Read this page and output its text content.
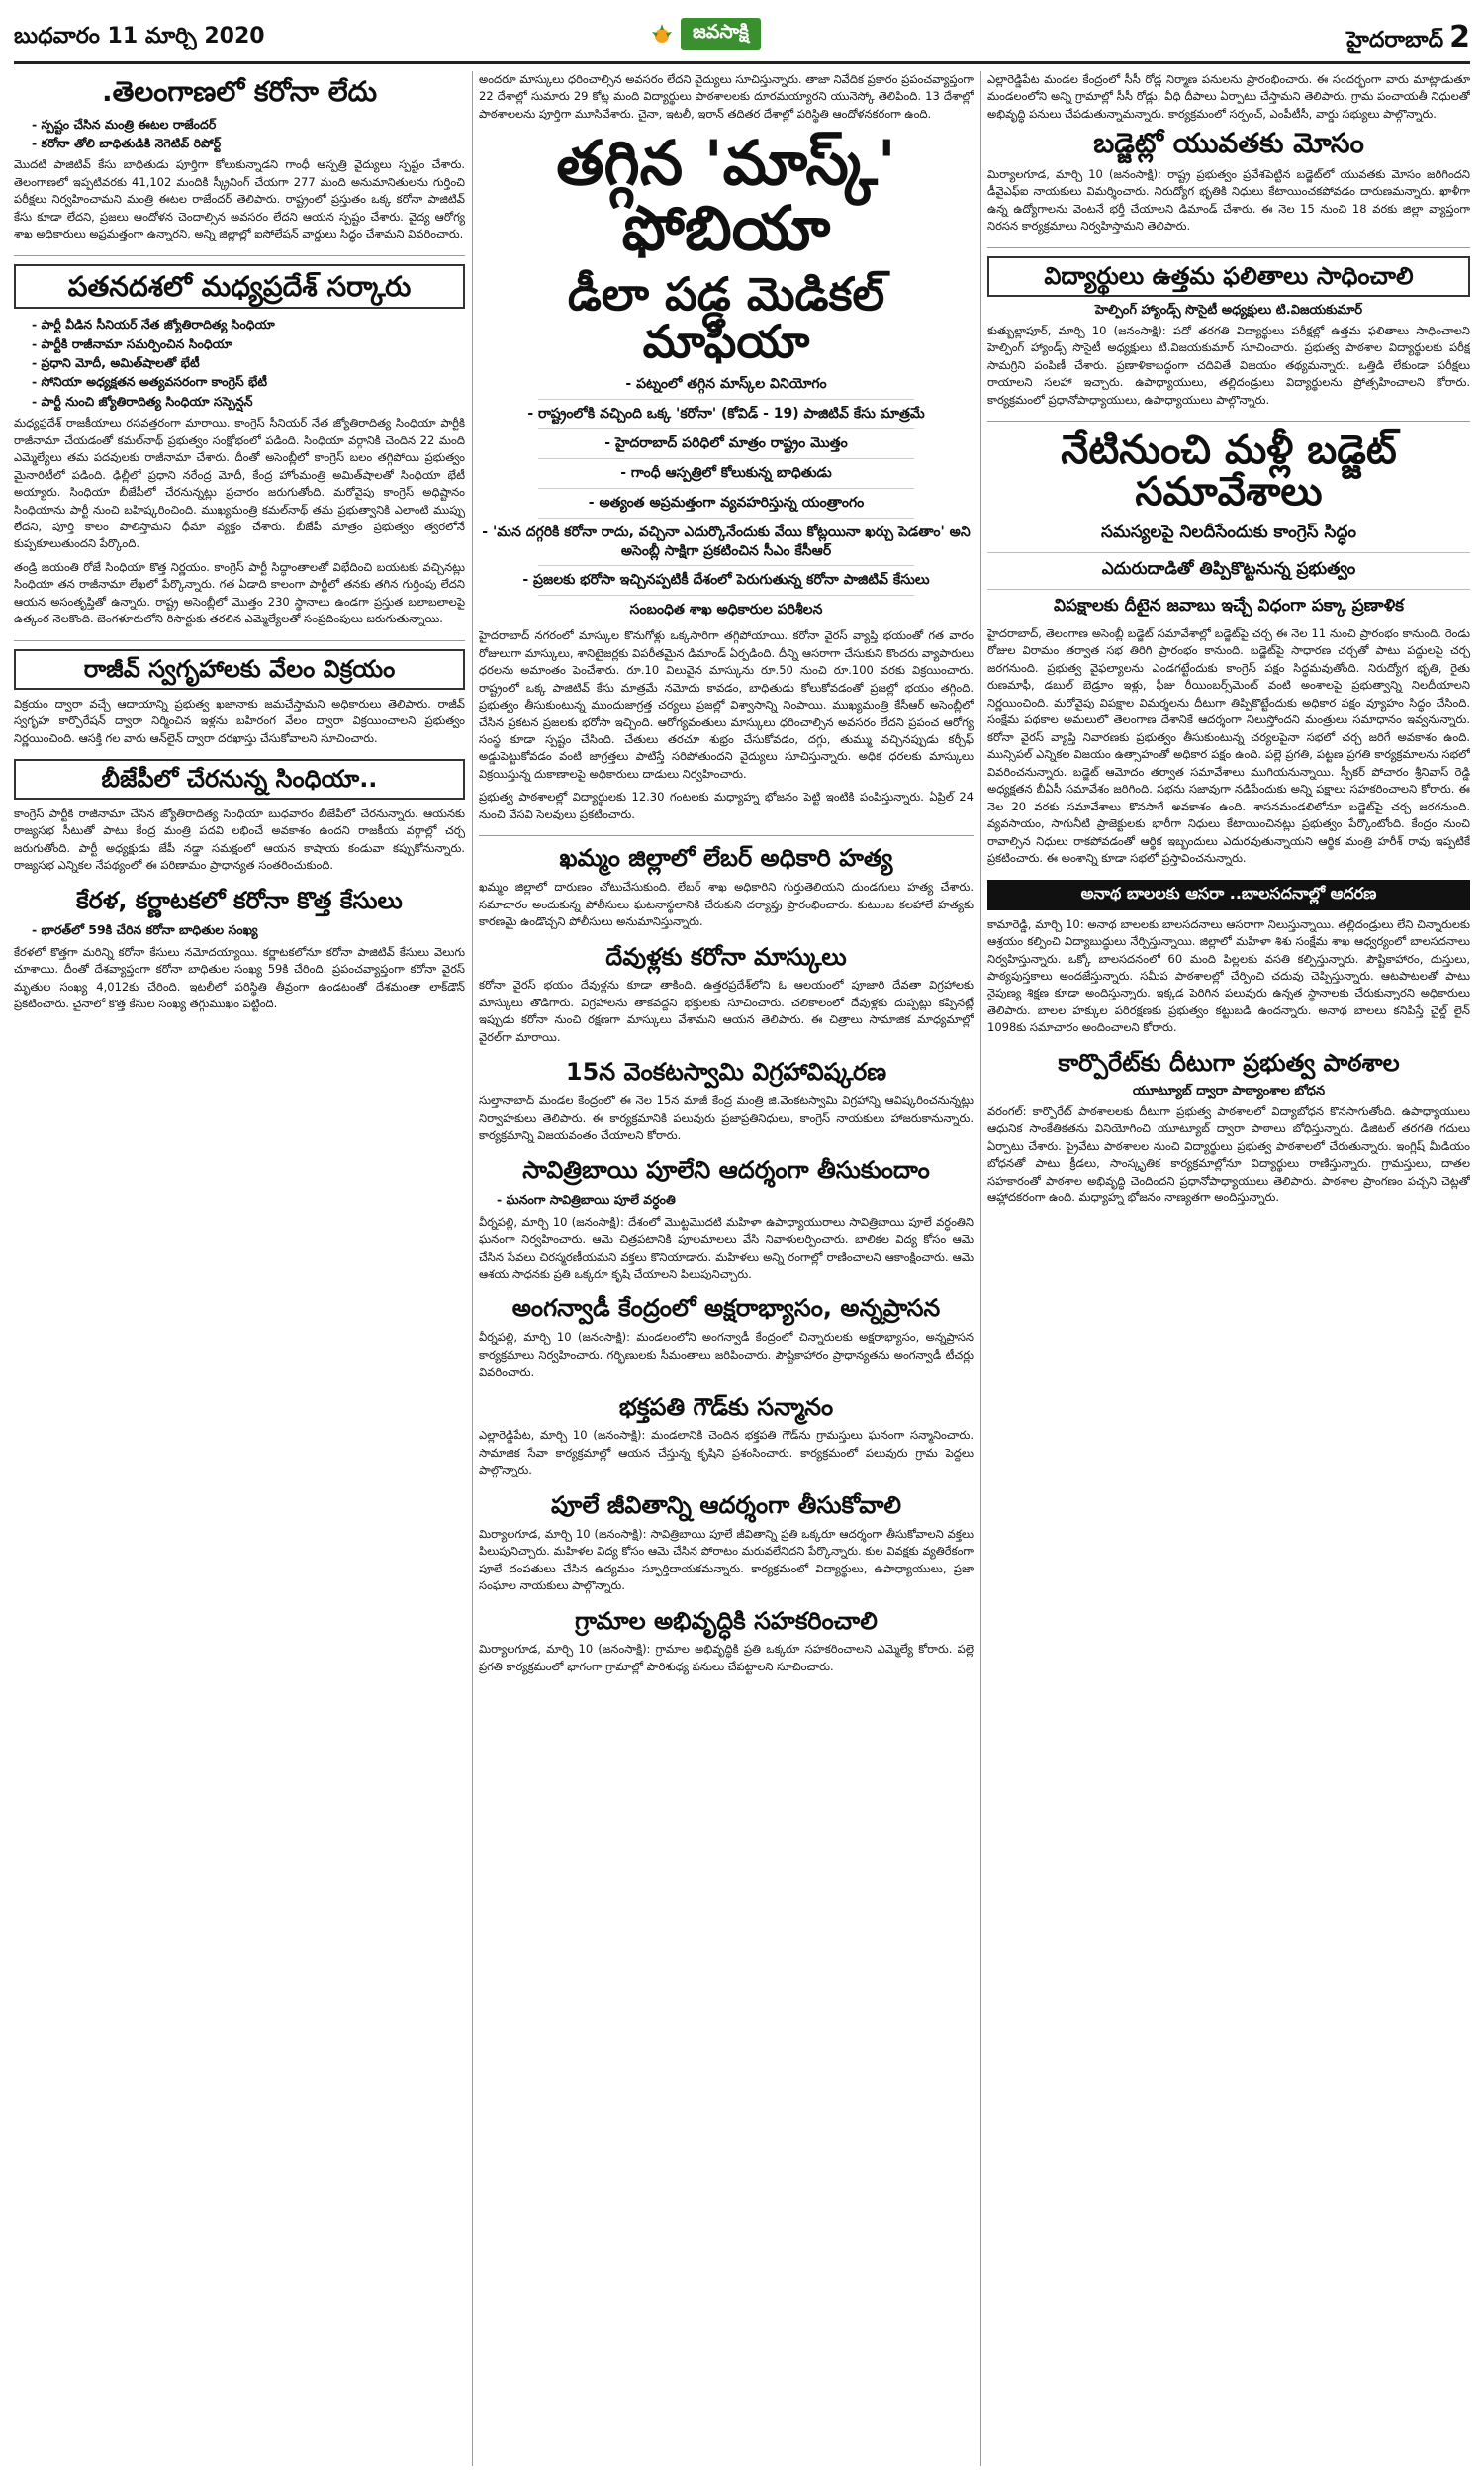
బుధవారం 11 మార్చి 2020	జవసాక్షి	హైదరాబాద్ 2
.తెలంగాణలో కరోనా లేదు
- స్పష్టం చేసిన మంత్రి ఈటల రాజేందర్
- కరోనా తోలి బాధితుడికి నెగెటివ్ రిపోర్ట్
మొదటి పాజిటివ్ కేసు బాధితుడు పూర్తిగా కోలుకున్నాడని గాంధీ ఆస్పత్రి వైద్యులు స్పష్టం చేశారు. తెలంగాణలో ఇప్పటివరకు 41,102 మందికి స్క్రీనింగ్ చేయగా 277 మంది అనుమానితులను గుర్తించి పరీక్షలు నిర్వహించామని మంత్రి ఈటల రాజేందర్ తెలిపారు. రాష్ట్రంలో ప్రస్తుతం ఒక్క కరోనా పాజిటివ్ కేసు కూడా లేదని, ప్రజలు ఆందోళన చెందాల్సిన అవసరం లేదని ఆయన స్పష్టం చేశారు. వైద్య ఆరోగ్య శాఖ అధికారులు అప్రమత్తంగా ఉన్నారని, అన్ని జిల్లాల్లో ఐసోలేషన్ వార్డులు సిద్ధం చేశామని వివరించారు.
పతనదశలో మధ్యప్రదేశ్ సర్కారు
- పార్టీ వీడిన సీనియర్ నేత జ్యోతిరాదిత్య సింధియా
- పార్టీకి రాజీనామా సమర్పించిన సింధియా
- ప్రధాని మోదీ, అమిత్‌షాలతో భేటీ
- సోనియా అధ్యక్షతన అత్యవసరంగా కాంగ్రెస్ భేటీ
- పార్టీ నుంచి జ్యోతిరాదిత్య సింధియా సస్పెన్షన్
మధ్యప్రదేశ్ రాజకీయాలు రసవత్తరంగా మారాయి. కాంగ్రెస్ సీనియర్ నేత జ్యోతిరాదిత్య సింధియా పార్టీకి రాజీనామా చేయడంతో కమల్‌నాథ్ ప్రభుత్వం సంక్షోభంలో పడింది. సింధియా వర్గానికి చెందిన 22 మంది ఎమ్మెల్యేలు తమ పదవులకు రాజీనామా చేశారు. దీంతో అసెంబ్లీలో కాంగ్రెస్ బలం తగ్గిపోయి ప్రభుత్వం మైనారిటీలో పడింది. ఢిల్లీలో ప్రధాని నరేంద్ర మోదీ, కేంద్ర హోంమంత్రి అమిత్‌షాలతో సింధియా భేటీ అయ్యారు. సింధియా బీజేపీలో చేరనున్నట్లు ప్రచారం జరుగుతోంది. మరోవైపు కాంగ్రెస్ అధిష్టానం సింధియాను పార్టీ నుంచి బహిష్కరించింది. ముఖ్యమంత్రి కమల్‌నాథ్ తమ ప్రభుత్వానికి ఎలాంటి ముప్పు లేదని, పూర్తి కాలం పాలిస్తామని ధీమా వ్యక్తం చేశారు. బీజేపీ మాత్రం ప్రభుత్వం త్వరలోనే కుప్పకూలుతుందని పేర్కొంది.
తండ్రి జయంతి రోజే సింధియా కొత్త నిర్ణయం. కాంగ్రెస్ పార్టీ సిద్ధాంతాలతో విభేదించి బయటకు వచ్చినట్లు సింధియా తన రాజీనామా లేఖలో పేర్కొన్నారు. గత ఏడాది కాలంగా పార్టీలో తనకు తగిన గుర్తింపు లేదని ఆయన అసంతృప్తితో ఉన్నారు. రాష్ట్ర అసెంబ్లీలో మొత్తం 230 స్థానాలు ఉండగా ప్రస్తుత బలాబలాలపై ఉత్కంఠ నెలకొంది. బెంగళూరులోని రిసార్టుకు తరలిన ఎమ్మెల్యేలతో సంప్రదింపులు జరుగుతున్నాయి.
రాజీవ్ స్వగృహాలకు వేలం విక్రయం
విక్రయం ద్వారా వచ్చే ఆదాయాన్ని ప్రభుత్వ ఖజానాకు జమచేస్తామని అధికారులు తెలిపారు. రాజీవ్ స్వగృహ కార్పొరేషన్ ద్వారా నిర్మించిన ఇళ్లను బహిరంగ వేలం ద్వారా విక్రయించాలని ప్రభుత్వం నిర్ణయించింది. ఆసక్తి గల వారు ఆన్‌లైన్ ద్వారా దరఖాస్తు చేసుకోవాలని సూచించారు.
బీజేపీలో చేరనున్న సింధియా..
కాంగ్రెస్ పార్టీకి రాజీనామా చేసిన జ్యోతిరాదిత్య సింధియా బుధవారం బీజేపీలో చేరనున్నారు. ఆయనకు రాజ్యసభ సీటుతో పాటు కేంద్ర మంత్రి పదవి లభించే అవకాశం ఉందని రాజకీయ వర్గాల్లో చర్చ జరుగుతోంది. పార్టీ అధ్యక్షుడు జేపీ నడ్డా సమక్షంలో ఆయన కాషాయ కండువా కప్పుకోనున్నారు. రాజ్యసభ ఎన్నికల నేపథ్యంలో ఈ పరిణామం ప్రాధాన్యత సంతరించుకుంది.
కేరళ, కర్ణాటకలో కరోనా కొత్త కేసులు
- భారత్‌లో 59కి చేరిన కరోనా బాధితుల సంఖ్య
కేరళలో కొత్తగా మరిన్ని కరోనా కేసులు నమోదయ్యాయి. కర్ణాటకలోనూ కరోనా పాజిటివ్ కేసులు వెలుగు చూశాయి. దీంతో దేశవ్యాప్తంగా కరోనా బాధితుల సంఖ్య 59కి చేరింది. ప్రపంచవ్యాప్తంగా కరోనా వైరస్ మృతుల సంఖ్య 4,012కు చేరింది. ఇటలీలో పరిస్థితి తీవ్రంగా ఉండటంతో దేశమంతా లాక్‌డౌన్ ప్రకటించారు. చైనాలో కొత్త కేసుల సంఖ్య తగ్గుముఖం పట్టింది.
అందరూ మాస్కులు ధరించాల్సిన అవసరం లేదని వైద్యులు సూచిస్తున్నారు. తాజా నివేదిక ప్రకారం ప్రపంచవ్యాప్తంగా 22 దేశాల్లో సుమారు 29 కోట్ల మంది విద్యార్థులు పాఠశాలలకు దూరమయ్యారని యునెస్కో తెలిపింది. 13 దేశాల్లో పాఠశాలలను పూర్తిగా మూసివేశారు. చైనా, ఇటలీ, ఇరాన్ తదితర దేశాల్లో పరిస్థితి ఆందోళనకరంగా ఉంది.
తగ్గిన 'మాస్క్' ఫోబియా
డీలా పడ్డ మెడికల్ మాఫియా
- పట్నంలో తగ్గిన మాస్క్‌ల వినియోగం
- రాష్ట్రంలోకి వచ్చింది ఒక్క 'కరోనా' (కోవిడ్ - 19) పాజిటివ్ కేసు మాత్రమే
- హైదరాబాద్ పరిధిలో మాత్రం రాష్ట్రం మొత్తం
- గాంధీ ఆస్పత్రిలో కోలుకున్న బాధితుడు
- అత్యంత అప్రమత్తంగా వ్యవహరిస్తున్న యంత్రాంగం
- 'మన దగ్గరికి కరోనా రాదు, వచ్చినా ఎదుర్కొనేందుకు వేయి కోట్లయినా ఖర్చు పెడతాం' అని అసెంబ్లీ సాక్షిగా ప్రకటించిన సీఎం కేసీఆర్
- ప్రజలకు భరోసా ఇచ్చినప్పటికీ దేశంలో పెరుగుతున్న కరోనా పాజిటివ్ కేసులు
సంబంధిత శాఖ అధికారుల పరిశీలన
హైదరాబాద్ నగరంలో మాస్కుల కొనుగోళ్లు ఒక్కసారిగా తగ్గిపోయాయి. కరోనా వైరస్ వ్యాప్తి భయంతో గత వారం రోజులుగా మాస్కులు, శానిటైజర్లకు విపరీతమైన డిమాండ్ ఏర్పడింది. దీన్ని ఆసరాగా చేసుకుని కొందరు వ్యాపారులు ధరలను అమాంతం పెంచేశారు. రూ.10 విలువైన మాస్కును రూ.50 నుంచి రూ.100 వరకు విక్రయించారు. రాష్ట్రంలో ఒక్క పాజిటివ్ కేసు మాత్రమే నమోదు కావడం, బాధితుడు కోలుకోవడంతో ప్రజల్లో భయం తగ్గింది. ప్రభుత్వం తీసుకుంటున్న ముందుజాగ్రత్త చర్యలు ప్రజల్లో విశ్వాసాన్ని నింపాయి. ముఖ్యమంత్రి కేసీఆర్ అసెంబ్లీలో చేసిన ప్రకటన ప్రజలకు భరోసా ఇచ్చింది. ఆరోగ్యవంతులు మాస్కులు ధరించాల్సిన అవసరం లేదని ప్రపంచ ఆరోగ్య సంస్థ కూడా స్పష్టం చేసింది. చేతులు తరచూ శుభ్రం చేసుకోవడం, దగ్గు, తుమ్ము వచ్చినప్పుడు కర్చీఫ్ అడ్డుపెట్టుకోవడం వంటి జాగ్రత్తలు పాటిస్తే సరిపోతుందని వైద్యులు సూచిస్తున్నారు. అధిక ధరలకు మాస్కులు విక్రయిస్తున్న దుకాణాలపై అధికారులు దాడులు నిర్వహించారు.
ప్రభుత్వ పాఠశాలల్లో విద్యార్థులకు 12.30 గంటలకు మధ్యాహ్న భోజనం పెట్టి ఇంటికి పంపిస్తున్నారు. ఏప్రిల్ 24 నుంచి వేసవి సెలవులు ప్రకటించారు.
ఖమ్మం జిల్లాలో లేబర్ అధికారి హత్య
ఖమ్మం జిల్లాలో దారుణం చోటుచేసుకుంది. లేబర్ శాఖ అధికారిని గుర్తుతెలియని దుండగులు హత్య చేశారు. సమాచారం అందుకున్న పోలీసులు ఘటనాస్థలానికి చేరుకుని దర్యాప్తు ప్రారంభించారు. కుటుంబ కలహాలే హత్యకు కారణమై ఉండొచ్చని పోలీసులు అనుమానిస్తున్నారు.
దేవుళ్లకు కరోనా మాస్కులు
కరోనా వైరస్ భయం దేవుళ్లను కూడా తాకింది. ఉత్తరప్రదేశ్‌లోని ఓ ఆలయంలో పూజారి దేవతా విగ్రహాలకు మాస్కులు తొడిగారు. విగ్రహాలను తాకవద్దని భక్తులకు సూచించారు. చలికాలంలో దేవుళ్లకు దుప్పట్లు కప్పినట్లే ఇప్పుడు కరోనా నుంచి రక్షణగా మాస్కులు వేశామని ఆయన తెలిపారు. ఈ చిత్రాలు సామాజిక మాధ్యమాల్లో వైరల్‌గా మారాయి.
15న వెంకటస్వామి విగ్రహావిష్కరణ
సుల్తానాబాద్ మండల కేంద్రంలో ఈ నెల 15న మాజీ కేంద్ర మంత్రి జి.వెంకటస్వామి విగ్రహాన్ని ఆవిష్కరించనున్నట్లు నిర్వాహకులు తెలిపారు. ఈ కార్యక్రమానికి పలువురు ప్రజాప్రతినిధులు, కాంగ్రెస్ నాయకులు హాజరుకానున్నారు. కార్యక్రమాన్ని విజయవంతం చేయాలని కోరారు.
సావిత్రిబాయి పూలేని ఆదర్శంగా తీసుకుందాం
- ఘనంగా సావిత్రిబాయి పూలే వర్ధంతి
వీర్నపల్లి, మార్చి 10 (జనంసాక్షి): దేశంలో మొట్టమొదటి మహిళా ఉపాధ్యాయురాలు సావిత్రిబాయి పూలే వర్ధంతిని ఘనంగా నిర్వహించారు. ఆమె చిత్రపటానికి పూలమాలలు వేసి నివాళులర్పించారు. బాలికల విద్య కోసం ఆమె చేసిన సేవలు చిరస్మరణీయమని వక్తలు కొనియాడారు. మహిళలు అన్ని రంగాల్లో రాణించాలని ఆకాంక్షించారు. ఆమె ఆశయ సాధనకు ప్రతి ఒక్కరూ కృషి చేయాలని పిలుపునిచ్చారు.
అంగన్వాడీ కేంద్రంలో అక్షరాభ్యాసం, అన్నప్రాసన
వీర్నపల్లి, మార్చి 10 (జనంసాక్షి): మండలంలోని అంగన్వాడీ కేంద్రంలో చిన్నారులకు అక్షరాభ్యాసం, అన్నప్రాసన కార్యక్రమాలు నిర్వహించారు. గర్భిణులకు సీమంతాలు జరిపించారు. పౌష్టికాహారం ప్రాధాన్యతను అంగన్వాడీ టీచర్లు వివరించారు.
భక్తపతి గౌడ్‌కు సన్మానం
ఎల్లారెడ్డిపేట, మార్చి 10 (జనంసాక్షి): మండలానికి చెందిన భక్తపతి గౌడ్‌ను గ్రామస్తులు ఘనంగా సన్మానించారు. సామాజిక సేవా కార్యక్రమాల్లో ఆయన చేస్తున్న కృషిని ప్రశంసించారు. కార్యక్రమంలో పలువురు గ్రామ పెద్దలు పాల్గొన్నారు.
పూలే జీవితాన్ని ఆదర్శంగా తీసుకోవాలి
మిర్యాలగూడ, మార్చి 10 (జనంసాక్షి): సావిత్రిబాయి పూలే జీవితాన్ని ప్రతి ఒక్కరూ ఆదర్శంగా తీసుకోవాలని వక్తలు పిలుపునిచ్చారు. మహిళల విద్య కోసం ఆమె చేసిన పోరాటం మరువలేనిదని పేర్కొన్నారు. కుల వివక్షకు వ్యతిరేకంగా పూలే దంపతులు చేసిన ఉద్యమం స్ఫూర్తిదాయకమన్నారు. కార్యక్రమంలో విద్యార్థులు, ఉపాధ్యాయులు, ప్రజా సంఘాల నాయకులు పాల్గొన్నారు.
గ్రామాల అభివృద్ధికి సహకరించాలి
మిర్యాలగూడ, మార్చి 10 (జనంసాక్షి): గ్రామాల అభివృద్ధికి ప్రతి ఒక్కరూ సహకరించాలని ఎమ్మెల్యే కోరారు. పల్లె ప్రగతి కార్యక్రమంలో భాగంగా గ్రామాల్లో పారిశుధ్య పనులు చేపట్టాలని సూచించారు.
ఎల్లారెడ్డిపేట మండల కేంద్రంలో సీసీ రోడ్ల నిర్మాణ పనులను ప్రారంభించారు. ఈ సందర్భంగా వారు మాట్లాడుతూ మండలంలోని అన్ని గ్రామాల్లో సీసీ రోడ్లు, వీధి దీపాలు ఏర్పాటు చేస్తామని తెలిపారు. గ్రామ పంచాయతీ నిధులతో అభివృద్ధి పనులు చేపడుతున్నామన్నారు. కార్యక్రమంలో సర్పంచ్, ఎంపీటీసీ, వార్డు సభ్యులు పాల్గొన్నారు.
బడ్జెట్లో యువతకు మోసం
మిర్యాలగూడ, మార్చి 10 (జనంసాక్షి): రాష్ట్ర ప్రభుత్వం ప్రవేశపెట్టిన బడ్జెట్‌లో యువతకు మోసం జరిగిందని డీవైఎఫ్ఐ నాయకులు విమర్శించారు. నిరుద్యోగ భృతికి నిధులు కేటాయించకపోవడం దారుణమన్నారు. ఖాళీగా ఉన్న ఉద్యోగాలను వెంటనే భర్తీ చేయాలని డిమాండ్ చేశారు. ఈ నెల 15 నుంచి 18 వరకు జిల్లా వ్యాప్తంగా నిరసన కార్యక్రమాలు నిర్వహిస్తామని తెలిపారు.
విద్యార్థులు ఉత్తమ ఫలితాలు సాధించాలి
హెల్పింగ్ హ్యాండ్స్ సొసైటీ అధ్యక్షులు టి.విజయకుమార్
కుత్బుల్లాపూర్, మార్చి 10 (జనంసాక్షి): పదో తరగతి విద్యార్థులు పరీక్షల్లో ఉత్తమ ఫలితాలు సాధించాలని హెల్పింగ్ హ్యాండ్స్ సొసైటీ అధ్యక్షులు టి.విజయకుమార్ సూచించారు. ప్రభుత్వ పాఠశాల విద్యార్థులకు పరీక్ష సామగ్రిని పంపిణీ చేశారు. ప్రణాళికాబద్ధంగా చదివితే విజయం తథ్యమన్నారు. ఒత్తిడి లేకుండా పరీక్షలు రాయాలని సలహా ఇచ్చారు. ఉపాధ్యాయులు, తల్లిదండ్రులు విద్యార్థులను ప్రోత్సహించాలని కోరారు. కార్యక్రమంలో ప్రధానోపాధ్యాయులు, ఉపాధ్యాయులు పాల్గొన్నారు.
నేటినుంచి మళ్లీ బడ్జెట్ సమావేశాలు
సమస్యలపై నిలదీసేందుకు కాంగ్రెస్ సిద్ధం
ఎదురుదాడితో తిప్పికొట్టనున్న ప్రభుత్వం
విపక్షాలకు దీటైన జవాబు ఇచ్చే విధంగా పక్కా ప్రణాళిక
హైదరాబాద్, తెలంగాణ అసెంబ్లీ బడ్జెట్ సమావేశాల్లో బడ్జెట్‌పై చర్చ ఈ నెల 11 నుంచి ప్రారంభం కానుంది. రెండు రోజుల విరామం తర్వాత సభ తిరిగి ప్రారంభం కానుంది. బడ్జెట్‌పై సాధారణ చర్చతో పాటు పద్దులపై చర్చ జరగనుంది. ప్రభుత్వ వైఫల్యాలను ఎండగట్టేందుకు కాంగ్రెస్ పక్షం సిద్ధమవుతోంది. నిరుద్యోగ భృతి, రైతు రుణమాఫీ, డబుల్ బెడ్రూం ఇళ్లు, ఫీజు రీయింబర్స్‌మెంట్ వంటి అంశాలపై ప్రభుత్వాన్ని నిలదీయాలని నిర్ణయించింది. మరోవైపు విపక్షాల విమర్శలను దీటుగా తిప్పికొట్టేందుకు అధికార పక్షం వ్యూహం సిద్ధం చేసింది. సంక్షేమ పథకాల అమలులో తెలంగాణ దేశానికే ఆదర్శంగా నిలుస్తోందని మంత్రులు సమాధానం ఇవ్వనున్నారు. కరోనా వైరస్ వ్యాప్తి నివారణకు ప్రభుత్వం తీసుకుంటున్న చర్యలపైనా సభలో చర్చ జరిగే అవకాశం ఉంది. మున్సిపల్ ఎన్నికల విజయం ఉత్సాహంతో అధికార పక్షం ఉంది. పల్లె ప్రగతి, పట్టణ ప్రగతి కార్యక్రమాలను సభలో వివరించనున్నారు. బడ్జెట్ ఆమోదం తర్వాత సమావేశాలు ముగియనున్నాయి. స్పీకర్ పోచారం శ్రీనివాస్ రెడ్డి అధ్యక్షతన బీఏసీ సమావేశం జరిగింది. సభను సజావుగా నడిపేందుకు అన్ని పక్షాలు సహకరించాలని కోరారు. ఈ నెల 20 వరకు సమావేశాలు కొనసాగే అవకాశం ఉంది. శాసనమండలిలోనూ బడ్జెట్‌పై చర్చ జరగనుంది. వ్యవసాయం, సాగునీటి ప్రాజెక్టులకు భారీగా నిధులు కేటాయించినట్లు ప్రభుత్వం పేర్కొంటోంది. కేంద్రం నుంచి రావాల్సిన నిధులు రాకపోవడంతో ఆర్థిక ఇబ్బందులు ఎదురవుతున్నాయని ఆర్థిక మంత్రి హరీశ్ రావు ఇప్పటికే ప్రకటించారు. ఈ అంశాన్ని కూడా సభలో ప్రస్తావించనున్నారు.
అనాథ బాలలకు ఆసరా ..బాలసదనాల్లో ఆదరణ
కామారెడ్డి, మార్చి 10: అనాథ బాలలకు బాలసదనాలు ఆసరాగా నిలుస్తున్నాయి. తల్లిదండ్రులు లేని చిన్నారులకు ఆశ్రయం కల్పించి విద్యాబుద్ధులు నేర్పిస్తున్నాయి. జిల్లాలో మహిళా శిశు సంక్షేమ శాఖ ఆధ్వర్యంలో బాలసదనాలు నిర్వహిస్తున్నారు. ఒక్కో బాలసదనంలో 60 మంది పిల్లలకు వసతి కల్పిస్తున్నారు. పౌష్టికాహారం, దుస్తులు, పాఠ్యపుస్తకాలు అందజేస్తున్నారు. సమీప పాఠశాలల్లో చేర్పించి చదువు చెప్పిస్తున్నారు. ఆటపాటలతో పాటు నైపుణ్య శిక్షణ కూడా అందిస్తున్నారు. ఇక్కడ పెరిగిన పలువురు ఉన్నత స్థానాలకు చేరుకున్నారని అధికారులు తెలిపారు. బాలల హక్కుల పరిరక్షణకు ప్రభుత్వం కట్టుబడి ఉందన్నారు. అనాథ బాలలు కనిపిస్తే చైల్డ్ లైన్ 1098కు సమాచారం అందించాలని కోరారు.
కార్పొరేట్‌కు దీటుగా ప్రభుత్వ పాఠశాల
యూట్యూబ్ ద్వారా పాఠ్యాంశాల బోధన
వరంగల్: కార్పొరేట్ పాఠశాలలకు దీటుగా ప్రభుత్వ పాఠశాలలో విద్యాబోధన కొనసాగుతోంది. ఉపాధ్యాయులు ఆధునిక సాంకేతికతను వినియోగించి యూట్యూబ్ ద్వారా పాఠాలు బోధిస్తున్నారు. డిజిటల్ తరగతి గదులు ఏర్పాటు చేశారు. ప్రైవేటు పాఠశాలల నుంచి విద్యార్థులు ప్రభుత్వ పాఠశాలలో చేరుతున్నారు. ఇంగ్లిష్ మీడియం బోధనతో పాటు క్రీడలు, సాంస్కృతిక కార్యక్రమాల్లోనూ విద్యార్థులు రాణిస్తున్నారు. గ్రామస్తులు, దాతల సహకారంతో పాఠశాల అభివృద్ధి చెందిందని ప్రధానోపాధ్యాయులు తెలిపారు. పాఠశాల ప్రాంగణం పచ్చని చెట్లతో ఆహ్లాదకరంగా ఉంది. మధ్యాహ్న భోజనం నాణ్యతగా అందిస్తున్నారు.
